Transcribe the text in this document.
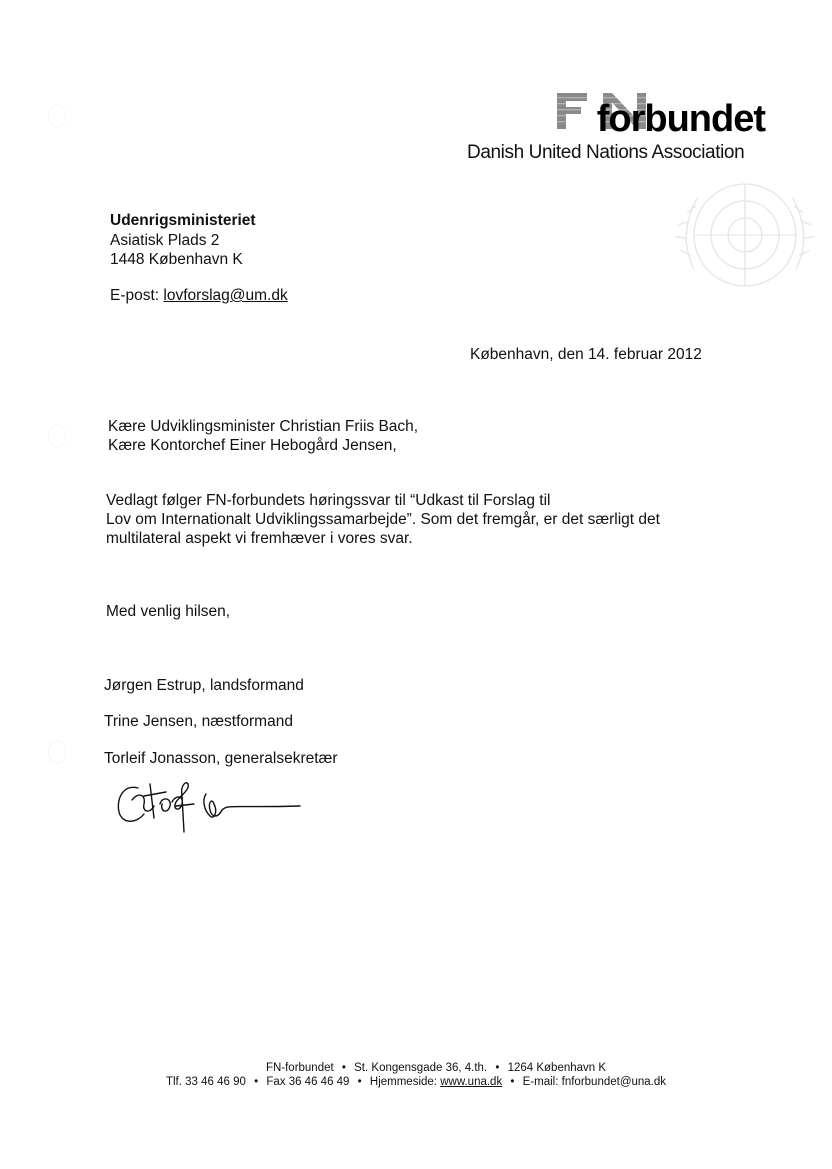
forbundet
Danish United Nations Association
Udenrigsministeriet
Asiatisk Plads 2
1448 København K
E-post: lovforslag@um.dk
København, den 14. februar 2012
Kære Udviklingsminister Christian Friis Bach,
Kære Kontorchef Einer Hebogård Jensen,
Vedlagt følger FN-forbundets høringssvar til “Udkast til Forslag til
Lov om Internationalt Udviklingssamarbejde”. Som det fremgår, er det særligt det
multilateral aspekt vi fremhæver i vores svar.
Med venlig hilsen,
Jørgen Estrup, landsformand
Trine Jensen, næstformand
Torleif Jonasson, generalsekretær
FN-forbundet • St. Kongensgade 36, 4.th. • 1264 København K
Tlf. 33 46 46 90 • Fax 36 46 46 49 • Hjemmeside: www.una.dk • E-mail: fnforbundet@una.dk
